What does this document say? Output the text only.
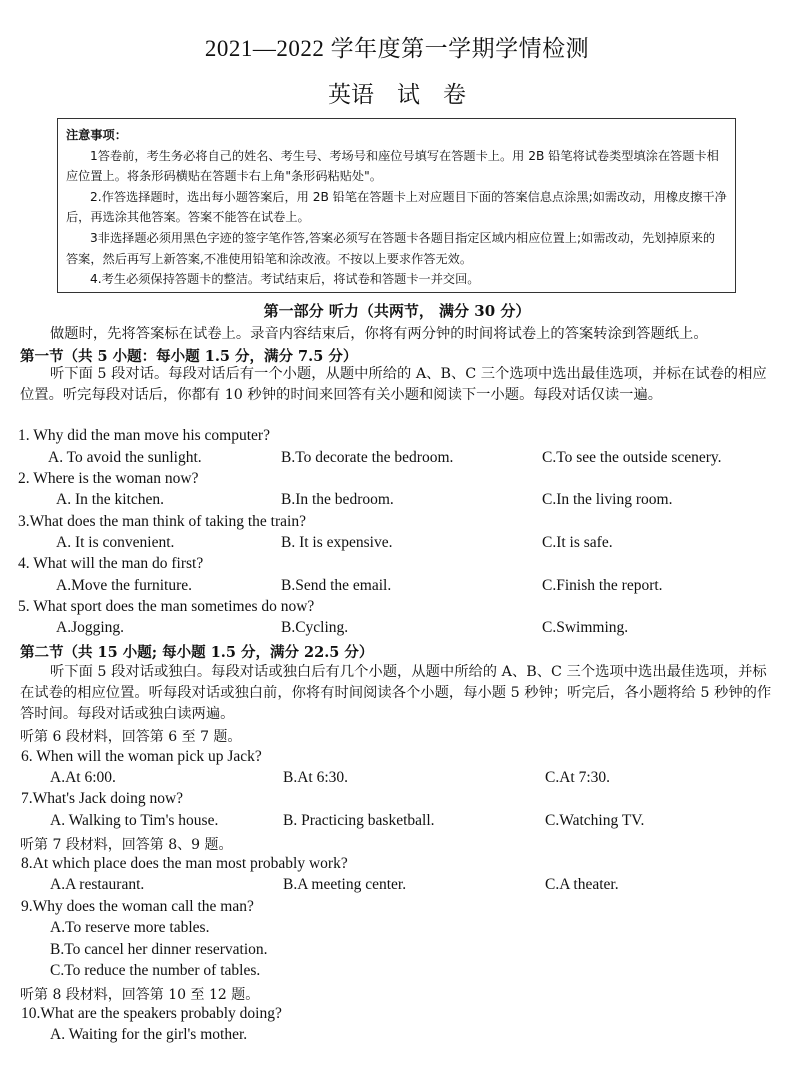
2021—2022 学年度第一学期学情检测
英语　试　卷
注意事项：
1答卷前，考生务必将自己的姓名、考生号、考场号和座位号填写在答题卡上。用 2B 铅笔将试卷类型填涂在答题卡相应位置上。将条形码横贴在答题卡右上角"条形码粘贴处"。
2.作答选择题时，选出每小题答案后，用 2B 铅笔在答题卡上对应题目下面的答案信息点涂黑;如需改动，用橡皮擦干净后，再选涂其他答案。答案不能答在试卷上。
3非选择题必须用黑色字迹的签字笔作答,答案必须写在答题卡各题目指定区域内相应位置上;如需改动，先划掉原来的答案，然后再写上新答案,不准使用铅笔和涂改液。不按以上要求作答无效。
4.考生必须保持答题卡的整洁。考试结束后，将试卷和答题卡一并交回。
第一部分 听力（共两节， 满分 30 分）
做题时，先将答案标在试卷上。录音内容结束后，你将有两分钟的时间将试卷上的答案转涂到答题纸上。
第一节（共 5 小题：每小题 1.5 分，满分 7.5 分）
听下面 5 段对话。每段对话后有一个小题，从题中所给的 A、B、C 三个选项中选出最佳选项，并标在试卷的相应位置。听完每段对话后，你都有 10 秒钟的时间来回答有关小题和阅读下一小题。每段对话仅读一遍。
1. Why did the man move his computer?
A. To avoid the sunlight.	B.To decorate the bedroom.	C.To see the outside scenery.
2. Where is the woman now?
A. In the kitchen.	B.In the bedroom.	C.In the living room.
3.What does the man think of taking the train?
A. It is convenient.	B. It is expensive.	C.It is safe.
4. What will the man do first?
A.Move the furniture.	B.Send the email.	C.Finish the report.
5. What sport does the man sometimes do now?
A.Jogging.	B.Cycling.	C.Swimming.
第二节（共 15 小题; 每小题 1.5 分，满分 22.5 分）
听下面 5 段对话或独白。每段对话或独白后有几个小题，从题中所给的 A、B、C 三个选项中选出最佳选项，并标在试卷的相应位置。听每段对话或独白前，你将有时间阅读各个小题，每小题 5 秒钟；听完后，各小题将给 5 秒钟的作答时间。每段对话或独白读两遍。
听第 6 段材料，回答第 6 至 7 题。
6. When will the woman pick up Jack?
A.At 6:00.	B.At 6:30.	C.At 7:30.
7.What's Jack doing now?
A. Walking to Tim's house.	B. Practicing basketball.	C.Watching TV.
听第 7 段材料，回答第 8、9 题。
8.At which place does the man most probably work?
A.A restaurant.	B.A meeting center.	C.A theater.
9.Why does the woman call the man?
A.To reserve more tables.
B.To cancel her dinner reservation.
C.To reduce the number of tables.
听第 8 段材料，回答第 10 至 12 题。
10.What are the speakers probably doing?
A. Waiting for the girl's mother.
